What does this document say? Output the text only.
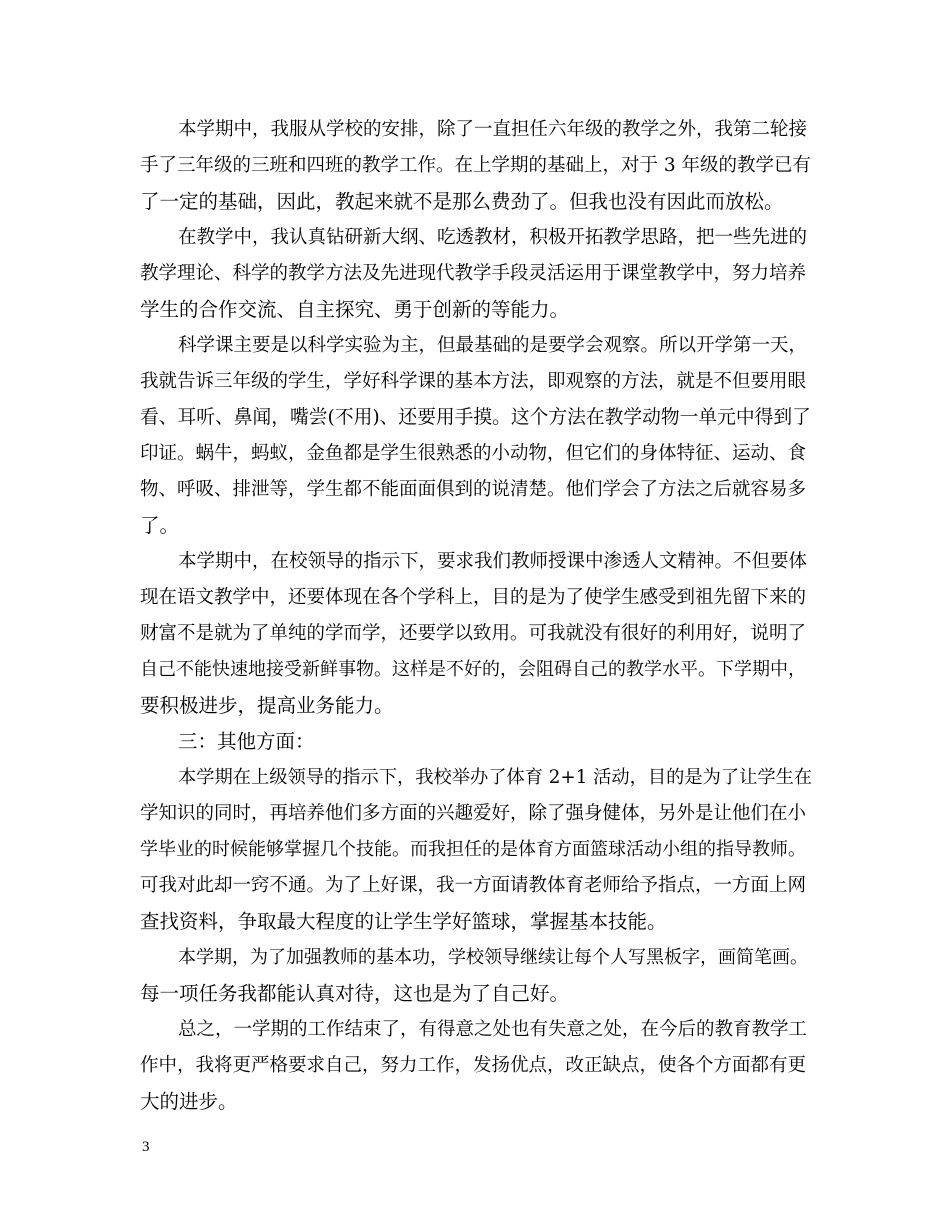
本学期中，我服从学校的安排，除了一直担任六年级的教学之外，我第二轮接

手了三年级的三班和四班的教学工作。在上学期的基础上，对于 3 年级的教学已有

了一定的基础，因此，教起来就不是那么费劲了。但我也没有因此而放松。

在教学中，我认真钻研新大纲、吃透教材，积极开拓教学思路，把一些先进的

教学理论、科学的教学方法及先进现代教学手段灵活运用于课堂教学中，努力培养

学生的合作交流、自主探究、勇于创新的等能力。

科学课主要是以科学实验为主，但最基础的是要学会观察。所以开学第一天，

我就告诉三年级的学生，学好科学课的基本方法，即观察的方法，就是不但要用眼

看、耳听、鼻闻，嘴尝(不用)、还要用手摸。这个方法在教学动物一单元中得到了

印证。蜗牛，蚂蚁，金鱼都是学生很熟悉的小动物，但它们的身体特征、运动、食

物、呼吸、排泄等，学生都不能面面俱到的说清楚。他们学会了方法之后就容易多

了。

本学期中，在校领导的指示下，要求我们教师授课中渗透人文精神。不但要体

现在语文教学中，还要体现在各个学科上，目的是为了使学生感受到祖先留下来的

财富不是就为了单纯的学而学，还要学以致用。可我就没有很好的利用好，说明了

自己不能快速地接受新鲜事物。这样是不好的，会阻碍自己的教学水平。下学期中，

要积极进步，提高业务能力。

三：其他方面：

本学期在上级领导的指示下，我校举办了体育 2+1 活动，目的是为了让学生在

学知识的同时，再培养他们多方面的兴趣爱好，除了强身健体，另外是让他们在小

学毕业的时候能够掌握几个技能。而我担任的是体育方面篮球活动小组的指导教师。

可我对此却一窍不通。为了上好课，我一方面请教体育老师给予指点，一方面上网

查找资料，争取最大程度的让学生学好篮球，掌握基本技能。

本学期，为了加强教师的基本功，学校领导继续让每个人写黑板字，画简笔画。

每一项任务我都能认真对待，这也是为了自己好。

总之，一学期的工作结束了，有得意之处也有失意之处，在今后的教育教学工

作中，我将更严格要求自己，努力工作，发扬优点，改正缺点，使各个方面都有更

大的进步。

3
